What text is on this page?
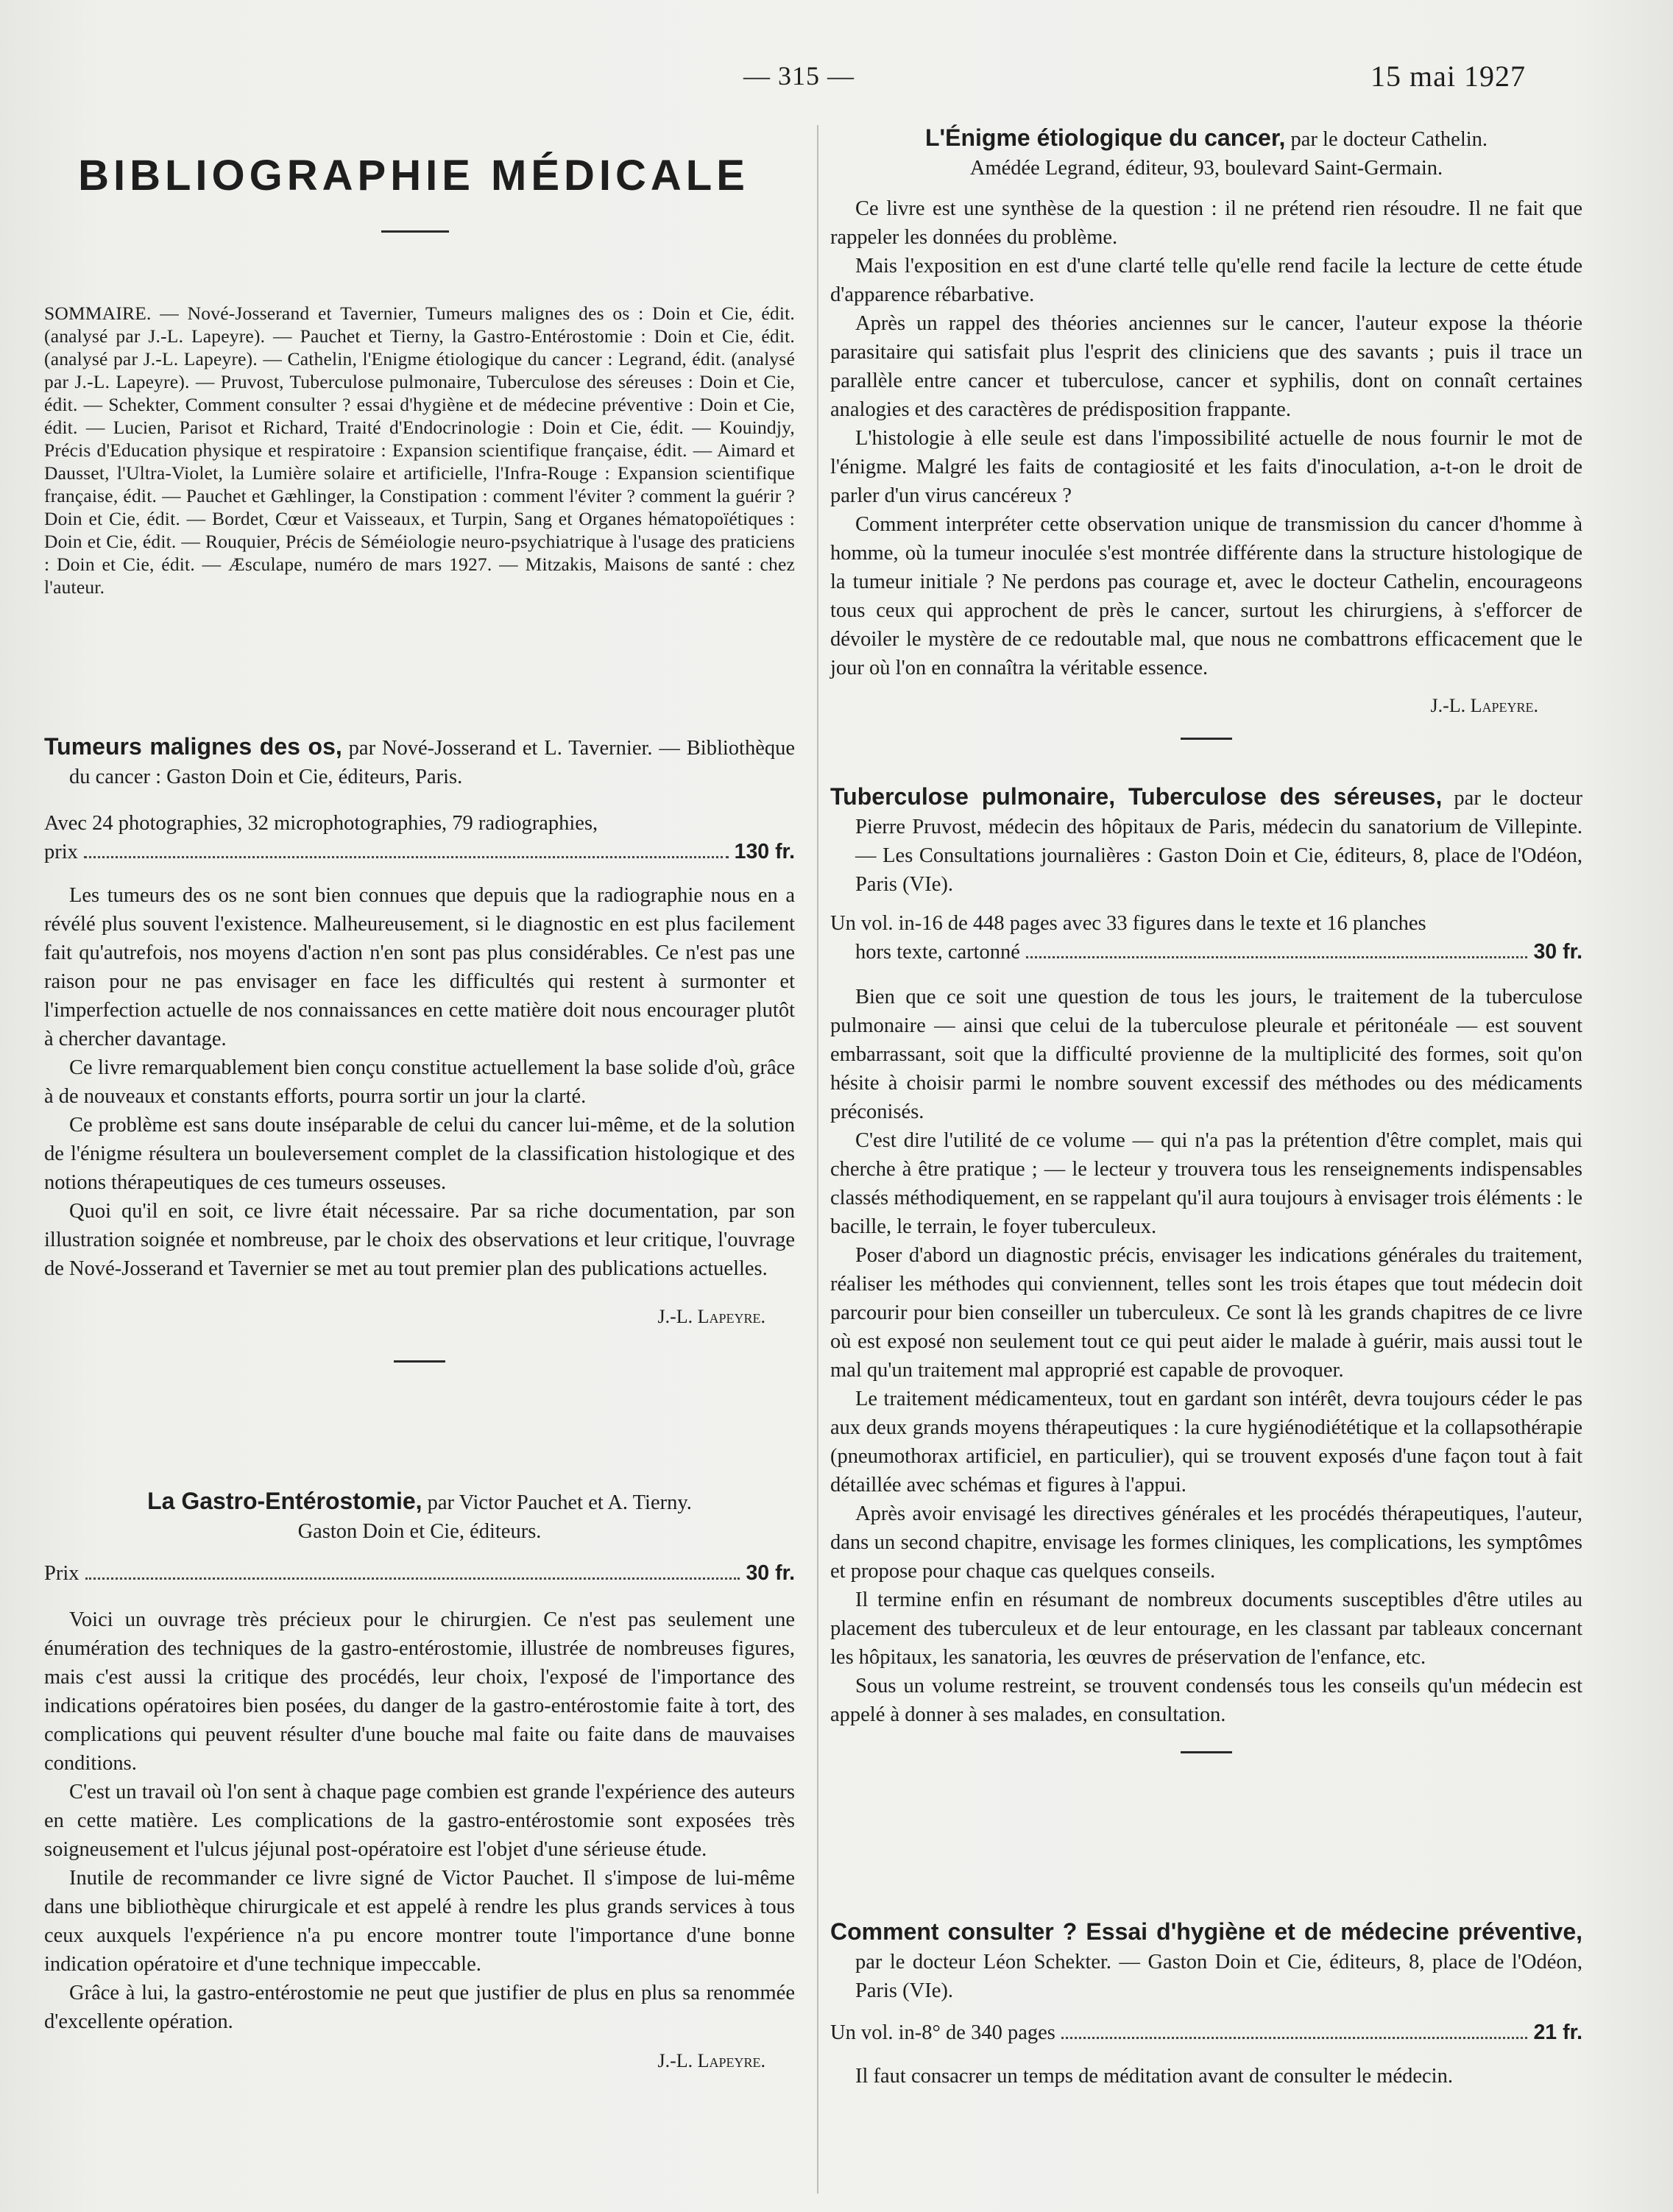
— 315 —	15 mai 1927
BIBLIOGRAPHIE MÉDICALE

SOMMAIRE. — Nové-Josserand et Tavernier, Tumeurs malignes des os : Doin et Cie, édit. (analysé par J.-L. Lapeyre). — Pauchet et Tierny, la Gastro-Entérostomie : Doin et Cie, édit. (analysé par J.-L. Lapeyre). — Cathelin, l'Enigme étiologique du cancer : Legrand, édit. (analysé par J.-L. Lapeyre). — Pruvost, Tuberculose pulmonaire, Tuberculose des séreuses : Doin et Cie, édit. — Schekter, Comment consulter ? essai d'hygiène et de médecine préventive : Doin et Cie, édit. — Lucien, Parisot et Richard, Traité d'Endocrinologie : Doin et Cie, édit. — Kouindjy, Précis d'Education physique et respiratoire : Expansion scientifique française, édit. — Aimard et Dausset, l'Ultra-Violet, la Lumière solaire et artificielle, l'Infra-Rouge : Expansion scientifique française, édit. — Pauchet et Gæhlinger, la Constipation : comment l'éviter ? comment la guérir ? Doin et Cie, édit. — Bordet, Cœur et Vaisseaux, et Turpin, Sang et Organes hématopoïétiques : Doin et Cie, édit. — Rouquier, Précis de Séméiologie neuro-psychiatrique à l'usage des praticiens : Doin et Cie, édit. — Æsculape, numéro de mars 1927. — Mitzakis, Maisons de santé : chez l'auteur.

Tumeurs malignes des os, par Nové-Josserand et L. Tavernier. — Bibliothèque du cancer : Gaston Doin et Cie, éditeurs, Paris.

Avec 24 photographies, 32 microphotographies, 79 radiographies,

prix	130 fr.

Les tumeurs des os ne sont bien connues que depuis que la radiographie nous en a révélé plus souvent l'existence. Malheureusement, si le diagnostic en est plus facilement fait qu'autrefois, nos moyens d'action n'en sont pas plus considérables. Ce n'est pas une raison pour ne pas envisager en face les difficultés qui restent à surmonter et l'imperfection actuelle de nos connaissances en cette matière doit nous encourager plutôt à chercher davantage.

Ce livre remarquablement bien conçu constitue actuellement la base solide d'où, grâce à de nouveaux et constants efforts, pourra sortir un jour la clarté.

Ce problème est sans doute inséparable de celui du cancer lui-même, et de la solution de l'énigme résultera un bouleversement complet de la classification histologique et des notions thérapeutiques de ces tumeurs osseuses.

Quoi qu'il en soit, ce livre était nécessaire. Par sa riche documentation, par son illustration soignée et nombreuse, par le choix des observations et leur critique, l'ouvrage de Nové-Josserand et Tavernier se met au tout premier plan des publications actuelles.

J.-L. Lapeyre.

La Gastro-Entérostomie, par Victor Pauchet et A. Tierny.

Gaston Doin et Cie, éditeurs.

Prix	30 fr.

Voici un ouvrage très précieux pour le chirurgien. Ce n'est pas seulement une énumération des techniques de la gastro-entérostomie, illustrée de nombreuses figures, mais c'est aussi la critique des procédés, leur choix, l'exposé de l'importance des indications opératoires bien posées, du danger de la gastro-entérostomie faite à tort, des complications qui peuvent résulter d'une bouche mal faite ou faite dans de mauvaises conditions.

C'est un travail où l'on sent à chaque page combien est grande l'expérience des auteurs en cette matière. Les complications de la gastro-entérostomie sont exposées très soigneusement et l'ulcus jéjunal post-opératoire est l'objet d'une sérieuse étude.

Inutile de recommander ce livre signé de Victor Pauchet. Il s'impose de lui-même dans une bibliothèque chirurgicale et est appelé à rendre les plus grands services à tous ceux auxquels l'expérience n'a pu encore montrer toute l'importance d'une bonne indication opératoire et d'une technique impeccable.

Grâce à lui, la gastro-entérostomie ne peut que justifier de plus en plus sa renommée d'excellente opération.

J.-L. Lapeyre.

L'Énigme étiologique du cancer, par le docteur Cathelin.

Amédée Legrand, éditeur, 93, boulevard Saint-Germain.

Ce livre est une synthèse de la question : il ne prétend rien résoudre. Il ne fait que rappeler les données du problème.

Mais l'exposition en est d'une clarté telle qu'elle rend facile la lecture de cette étude d'apparence rébarbative.

Après un rappel des théories anciennes sur le cancer, l'auteur expose la théorie parasitaire qui satisfait plus l'esprit des cliniciens que des savants ; puis il trace un parallèle entre cancer et tuberculose, cancer et syphilis, dont on connaît certaines analogies et des caractères de prédisposition frappante.

L'histologie à elle seule est dans l'impossibilité actuelle de nous fournir le mot de l'énigme. Malgré les faits de contagiosité et les faits d'inoculation, a-t-on le droit de parler d'un virus cancéreux ?

Comment interpréter cette observation unique de transmission du cancer d'homme à homme, où la tumeur inoculée s'est montrée différente dans la structure histologique de la tumeur initiale ? Ne perdons pas courage et, avec le docteur Cathelin, encourageons tous ceux qui approchent de près le cancer, surtout les chirurgiens, à s'efforcer de dévoiler le mystère de ce redoutable mal, que nous ne combattrons efficacement que le jour où l'on en connaîtra la véritable essence.

J.-L. Lapeyre.

Tuberculose pulmonaire, Tuberculose des séreuses, par le docteur Pierre Pruvost, médecin des hôpitaux de Paris, médecin du sanatorium de Villepinte. — Les Consultations journalières : Gaston Doin et Cie, éditeurs, 8, place de l'Odéon, Paris (VIe).

Un vol. in-16 de 448 pages avec 33 figures dans le texte et 16 planches

hors texte, cartonné	30 fr.

Bien que ce soit une question de tous les jours, le traitement de la tuberculose pulmonaire — ainsi que celui de la tuberculose pleurale et péritonéale — est souvent embarrassant, soit que la difficulté provienne de la multiplicité des formes, soit qu'on hésite à choisir parmi le nombre souvent excessif des méthodes ou des médicaments préconisés.

C'est dire l'utilité de ce volume — qui n'a pas la prétention d'être complet, mais qui cherche à être pratique ; — le lecteur y trouvera tous les renseignements indispensables classés méthodiquement, en se rappelant qu'il aura toujours à envisager trois éléments : le bacille, le terrain, le foyer tuberculeux.

Poser d'abord un diagnostic précis, envisager les indications générales du traitement, réaliser les méthodes qui conviennent, telles sont les trois étapes que tout médecin doit parcourir pour bien conseiller un tuberculeux. Ce sont là les grands chapitres de ce livre où est exposé non seulement tout ce qui peut aider le malade à guérir, mais aussi tout le mal qu'un traitement mal approprié est capable de provoquer.

Le traitement médicamenteux, tout en gardant son intérêt, devra toujours céder le pas aux deux grands moyens thérapeutiques : la cure hygiénodiététique et la collapsothérapie (pneumothorax artificiel, en particulier), qui se trouvent exposés d'une façon tout à fait détaillée avec schémas et figures à l'appui.

Après avoir envisagé les directives générales et les procédés thérapeutiques, l'auteur, dans un second chapitre, envisage les formes cliniques, les complications, les symptômes et propose pour chaque cas quelques conseils.

Il termine enfin en résumant de nombreux documents susceptibles d'être utiles au placement des tuberculeux et de leur entourage, en les classant par tableaux concernant les hôpitaux, les sanatoria, les œuvres de préservation de l'enfance, etc.

Sous un volume restreint, se trouvent condensés tous les conseils qu'un médecin est appelé à donner à ses malades, en consultation.

Comment consulter ? Essai d'hygiène et de médecine préventive, par le docteur Léon Schekter. — Gaston Doin et Cie, éditeurs, 8, place de l'Odéon, Paris (VIe).

Un vol. in-8° de 340 pages	21 fr.

Il faut consacrer un temps de méditation avant de consulter le médecin.
